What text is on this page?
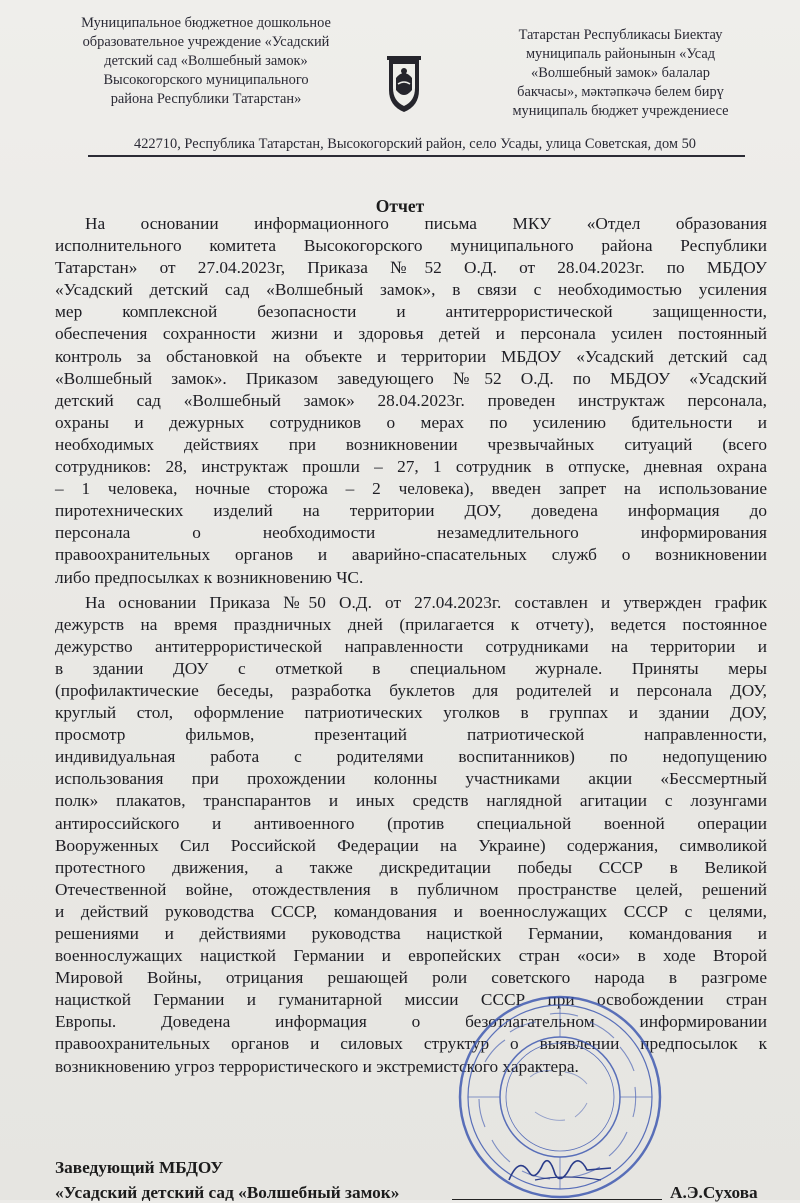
Муниципальное бюджетное дошкольное
образовательное учреждение «Усадский
детский сад «Волшебный замок»
Высокогорского муниципального
района Республики Татарстан»
Татарстан Республикасы Биектау
муниципаль районынын «Усад
«Волшебный замок» балалар
бакчасы», мәктәпкәчә белем бирү
муниципаль бюджет учреждениесе
422710, Республика Татарстан, Высокогорский район, село Усады, улица Советская, дом 50
Отчет

На основании информационного письма МКУ «Отдел образования
исполнительного комитета Высокогорского муниципального района Республики
Татарстан» от 27.04.2023г, Приказа №52 О.Д. от 28.04.2023г. по МБДОУ
«Усадский детский сад «Волшебный замок», в связи с необходимостью усиления
мер комплексной безопасности и антитеррористической защищенности,
обеспечения сохранности жизни и здоровья детей и персонала усилен постоянный
контроль за обстановкой на объекте и территории МБДОУ «Усадский детский сад
«Волшебный замок». Приказом заведующего №52 О.Д. по МБДОУ «Усадский
детский сад «Волшебный замок» 28.04.2023г. проведен инструктаж персонала,
охраны и дежурных сотрудников о мерах по усилению бдительности и
необходимых действиях при возникновении чрезвычайных ситуаций (всего
сотрудников: 28, инструктаж прошли – 27, 1 сотрудник в отпуске, дневная охрана
– 1 человека, ночные сторожа – 2 человека), введен запрет на использование
пиротехнических изделий на территории ДОУ, доведена информация до
персонала о необходимости незамедлительного информирования
правоохранительных органов и аварийно-спасательных служб о возникновении
либо предпосылках к возникновению ЧС.

На основании Приказа №50 О.Д. от 27.04.2023г. составлен и утвержден график
дежурств на время праздничных дней (прилагается к отчету), ведется постоянное
дежурство антитеррористической направленности сотрудниками на территории и
в здании ДОУ с отметкой в специальном журнале. Приняты меры
(профилактические беседы, разработка буклетов для родителей и персонала ДОУ,
круглый стол, оформление патриотических уголков в группах и здании ДОУ,
просмотр фильмов, презентаций патриотической направленности,
индивидуальная работа с родителями воспитанников) по недопущению
использования при прохождении колонны участниками акции «Бессмертный
полк» плакатов, транспарантов и иных средств наглядной агитации с лозунгами
антироссийского и антивоенного (против специальной военной операции
Вооруженных Сил Российской Федерации на Украине) содержания, символикой
протестного движения, а также дискредитации победы СССР в Великой
Отечественной войне, отождествления в публичном пространстве целей, решений
и действий руководства СССР, командования и военнослужащих СССР с целями,
решениями и действиями руководства нацисткой Германии, командования и
военнослужащих нацисткой Германии и европейских стран «оси» в ходе Второй
Мировой Войны, отрицания решающей роли советского народа в разгроме
нацисткой Германии и гуманитарной миссии СССР при освобождении стран
Европы. Доведена информация о безотлагательном информировании
правоохранительных органов и силовых структур о выявлении предпосылок к
возникновению угроз террористического и экстремистского характера.

Заведующий МБДОУ
«Усадский детский сад «Волшебный замок»	А.Э.Сухова
